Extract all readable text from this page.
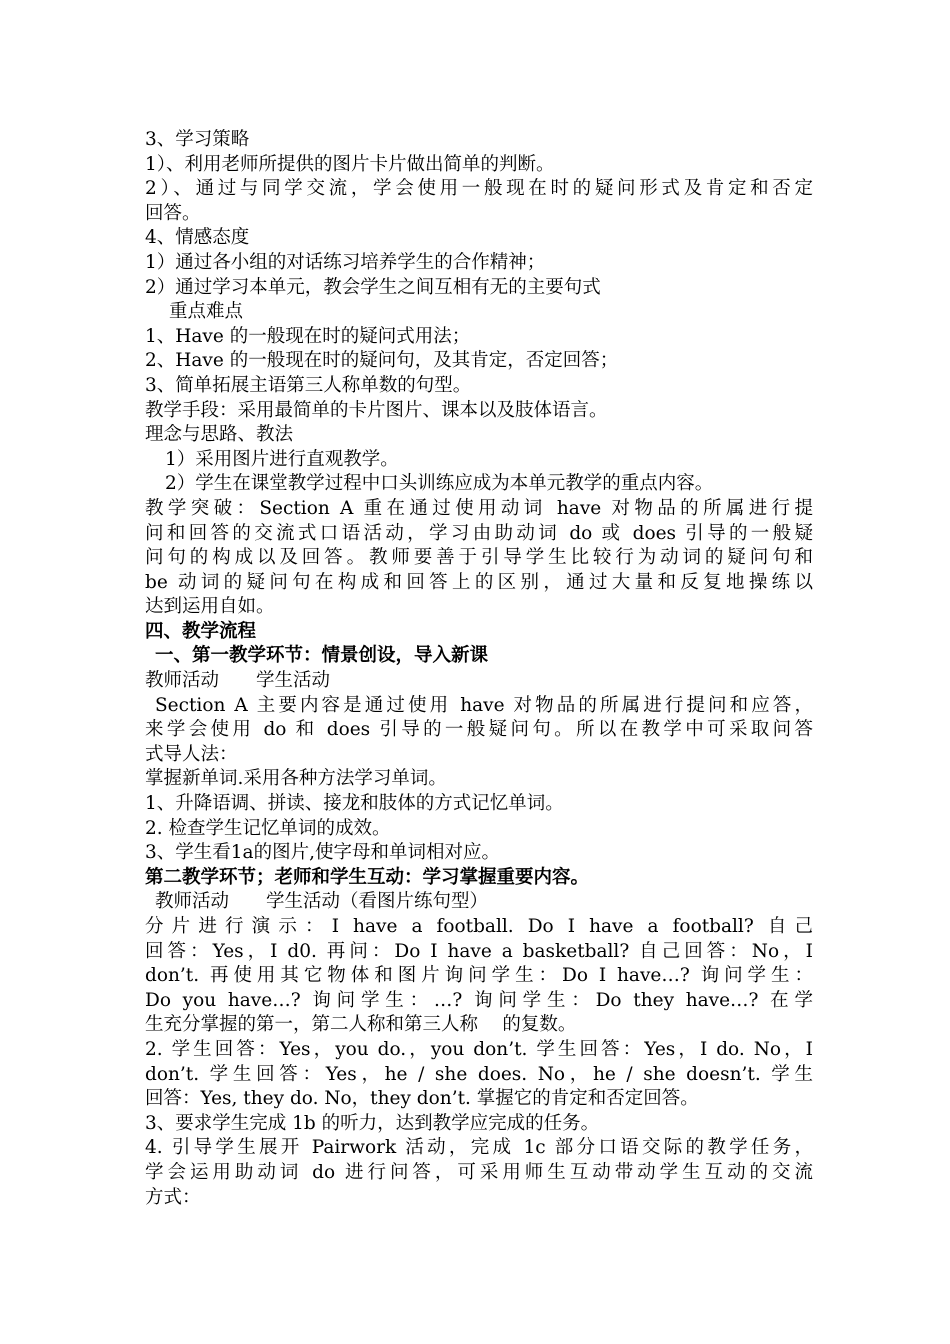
3、学习策略
1）、利用老师所提供的图片卡片做出简单的判断。
2）、通过与同学交流，学会使用一般现在时的疑问形式及肯定和否定
回答。
4、情感态度
1）通过各小组的对话练习培养学生的合作精神；
2）通过学习本单元，教会学生之间互相有无的主要句式
重点难点
1、Have 的一般现在时的疑问式用法；
2、Have 的一般现在时的疑问句，及其肯定，否定回答；
3、简单拓展主语第三人称单数的句型。
教学手段：采用最简单的卡片图片、课本以及肢体语言。
理念与思路、教法
1）采用图片进行直观教学。
2）学生在课堂教学过程中口头训练应成为本单元教学的重点内容。
教学突破：Section A 重在通过使用动词 have 对物品的所属进行提
问和回答的交流式口语活动，学习由助动词 do 或 does 引导的一般疑
问句的构成以及回答。教师要善于引导学生比较行为动词的疑问句和
be 动词的疑问句在构成和回答上的区别，通过大量和反复地操练以
达到运用自如。
四、教学流程
一、第一教学环节：情景创设，导入新课
教师活动　　学生活动
Section A 主要内容是通过使用 have 对物品的所属进行提问和应答，
来学会使用 do 和 does 引导的一般疑问句。所以在教学中可采取问答
式导人法：
掌握新单词.采用各种方法学习单词。
1、升降语调、拼读、接龙和肢体的方式记忆单词。
2. 检查学生记忆单词的成效。
3、学生看1a的图片,使字母和单词相对应。
第二教学环节；老师和学生互动：学习掌握重要内容。
教师活动　　学生活动（看图片练句型）
分片进行演示：I have a football. Do I have a football? 自己
回答：Yes，I d0. 再问：Do I have a basketball? 自己回答：No，I
don’t. 再使用其它物体和图片询问学生：Do I have…? 询问学生：
Do you have…? 询问学生：…? 询问学生：Do they have…? 在学
生充分掌握的第一，第二人称和第三人称　 的复数。
2. 学生回答：Yes，you do.，you don’t. 学生回答：Yes，I do. No，I
don’t. 学生回答：Yes，he / she does. No，he / she doesn’t. 学生
回答：Yes, they do. No，they don’t. 掌握它的肯定和否定回答。
3、要求学生完成 1b 的听力，达到教学应完成的任务。
4. 引导学生展开 Pairwork 活动，完成 1c 部分口语交际的教学任务，
学会运用助动词 do 进行问答，可采用师生互动带动学生互动的交流
方式：
